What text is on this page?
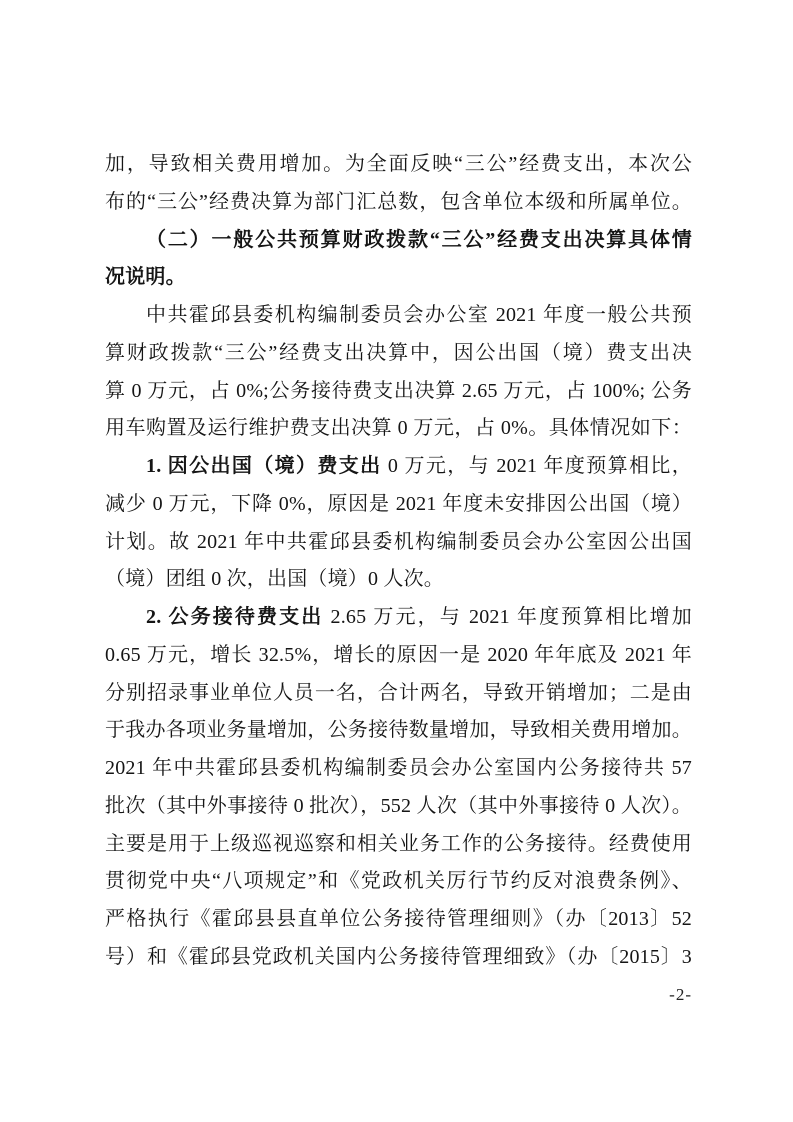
加，导致相关费用增加。为全面反映“三公”经费支出，本次公
布的“三公”经费决算为部门汇总数，包含单位本级和所属单位。
（二）一般公共预算财政拨款“三公”经费支出决算具体情
况说明。
中共霍邱县委机构编制委员会办公室 2021 年度一般公共预
算财政拨款“三公”经费支出决算中，因公出国（境）费支出决
算 0 万元，占 0%;公务接待费支出决算 2.65 万元，占 100%; 公务
用车购置及运行维护费支出决算 0 万元，占 0%。具体情况如下：
1. 因公出国（境）费支出 0 万元，与 2021 年度预算相比，
减少 0 万元，下降 0%，原因是 2021 年度未安排因公出国（境）
计划。故 2021 年中共霍邱县委机构编制委员会办公室因公出国
（境）团组 0 次，出国（境）0 人次。
2. 公务接待费支出 2.65 万元，与 2021 年度预算相比增加
0.65 万元，增长 32.5%，增长的原因一是 2020 年年底及 2021 年
分别招录事业单位人员一名，合计两名，导致开销增加；二是由
于我办各项业务量增加，公务接待数量增加，导致相关费用增加。
2021 年中共霍邱县委机构编制委员会办公室国内公务接待共 57
批次（其中外事接待 0 批次），552 人次（其中外事接待 0 人次）。
主要是用于上级巡视巡察和相关业务工作的公务接待。经费使用
贯彻党中央“八项规定”和《党政机关厉行节约反对浪费条例》、
严格执行《霍邱县县直单位公务接待管理细则》（办〔2013〕52
号）和《霍邱县党政机关国内公务接待管理细致》（办〔2015〕3
-2-
